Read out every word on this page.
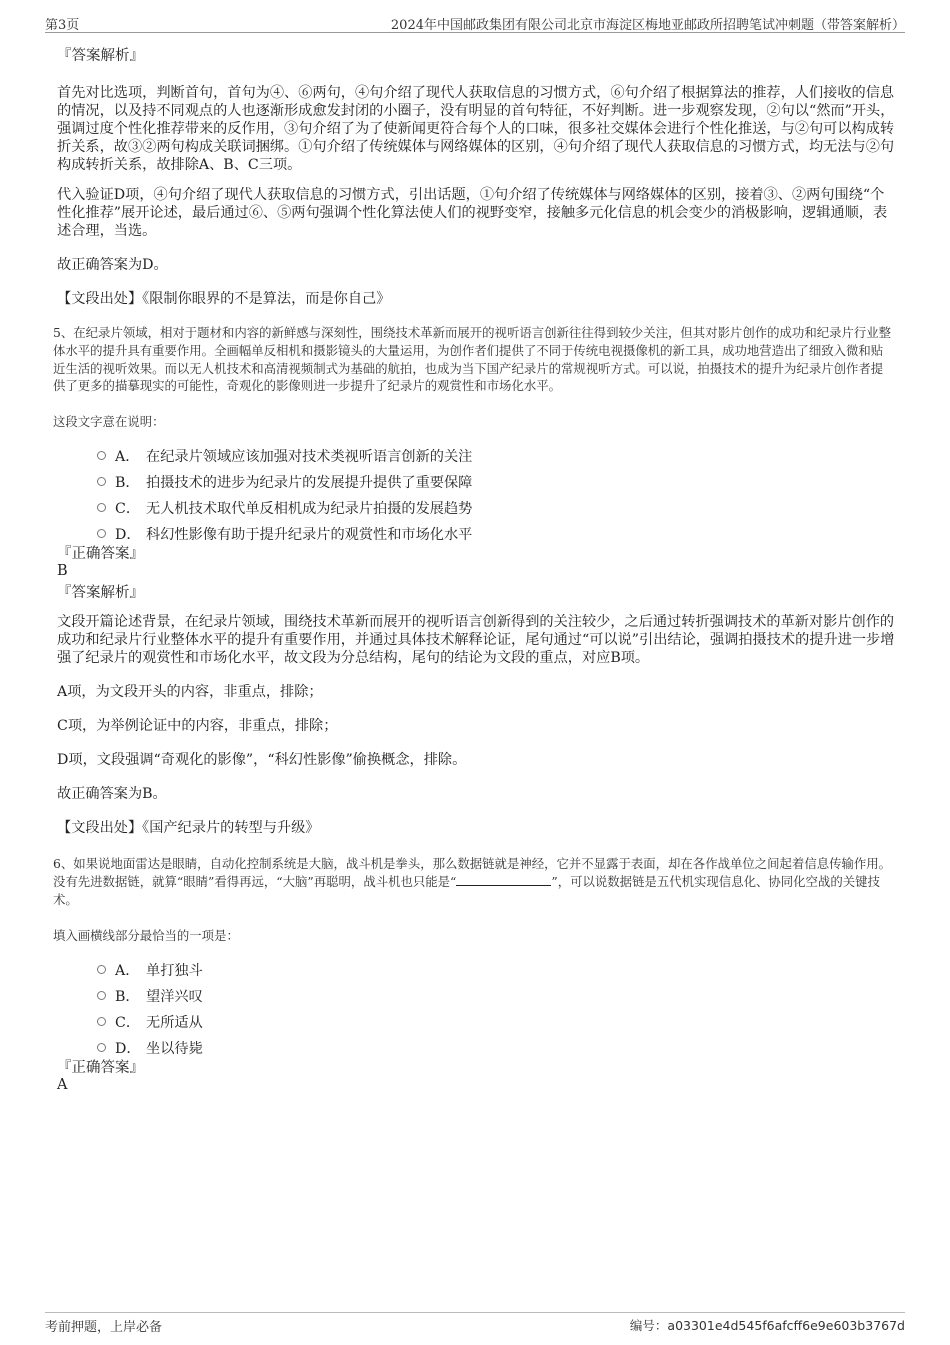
第3页	2024年中国邮政集团有限公司北京市海淀区梅地亚邮政所招聘笔试冲刺题（带答案解析）

『答案解析』

首先对比选项，判断首句，首句为④、⑥两句，④句介绍了现代人获取信息的习惯方式，⑥句介绍了根据算法的推荐，人们接收的信息的情况，以及持不同观点的人也逐渐形成愈发封闭的小圈子，没有明显的首句特征，不好判断。进一步观察发现，②句以“然而”开头，强调过度个性化推荐带来的反作用，③句介绍了为了使新闻更符合每个人的口味，很多社交媒体会进行个性化推送，与②句可以构成转折关系，故③②两句构成关联词捆绑。①句介绍了传统媒体与网络媒体的区别，④句介绍了现代人获取信息的习惯方式，均无法与②句构成转折关系，故排除A、B、C三项。

代入验证D项，④句介绍了现代人获取信息的习惯方式，引出话题，①句介绍了传统媒体与网络媒体的区别，接着③、②两句围绕“个性化推荐”展开论述，最后通过⑥、⑤两句强调个性化算法使人们的视野变窄，接触多元化信息的机会变少的消极影响，逻辑通顺，表述合理，当选。

故正确答案为D。

【文段出处】《限制你眼界的不是算法，而是你自己》

5、在纪录片领域，相对于题材和内容的新鲜感与深刻性，围绕技术革新而展开的视听语言创新往往得到较少关注，但其对影片创作的成功和纪录片行业整体水平的提升具有重要作用。全画幅单反相机和摄影镜头的大量运用，为创作者们提供了不同于传统电视摄像机的新工具，成功地营造出了细致入微和贴近生活的视听效果。而以无人机技术和高清视频制式为基础的航拍，也成为当下国产纪录片的常规视听方式。可以说，拍摄技术的提升为纪录片创作者提供了更多的描摹现实的可能性，奇观化的影像则进一步提升了纪录片的观赏性和市场化水平。

这段文字意在说明：

A． 在纪录片领域应该加强对技术类视听语言创新的关注
B． 拍摄技术的进步为纪录片的发展提升提供了重要保障
C． 无人机技术取代单反相机成为纪录片拍摄的发展趋势
D． 科幻性影像有助于提升纪录片的观赏性和市场化水平

『正确答案』

B

『答案解析』

文段开篇论述背景，在纪录片领域，围绕技术革新而展开的视听语言创新得到的关注较少，之后通过转折强调技术的革新对影片创作的成功和纪录片行业整体水平的提升有重要作用，并通过具体技术解释论证，尾句通过“可以说”引出结论，强调拍摄技术的提升进一步增强了纪录片的观赏性和市场化水平，故文段为分总结构，尾句的结论为文段的重点，对应B项。

A项，为文段开头的内容，非重点，排除；

C项，为举例论证中的内容，非重点，排除；

D项，文段强调“奇观化的影像”，“科幻性影像”偷换概念，排除。

故正确答案为B。

【文段出处】《国产纪录片的转型与升级》

6、如果说地面雷达是眼睛，自动化控制系统是大脑，战斗机是拳头，那么数据链就是神经，它并不显露于表面，却在各作战单位之间起着信息传输作用。没有先进数据链，就算“眼睛”看得再远，“大脑”再聪明，战斗机也只能是“	”，可以说数据链是五代机实现信息化、协同化空战的关键技术。

填入画横线部分最恰当的一项是：

A． 单打独斗
B． 望洋兴叹
C． 无所适从
D． 坐以待毙

『正确答案』

A

考前押题，上岸必备	编号：a03301e4d545f6afcff6e9e603b3767d
